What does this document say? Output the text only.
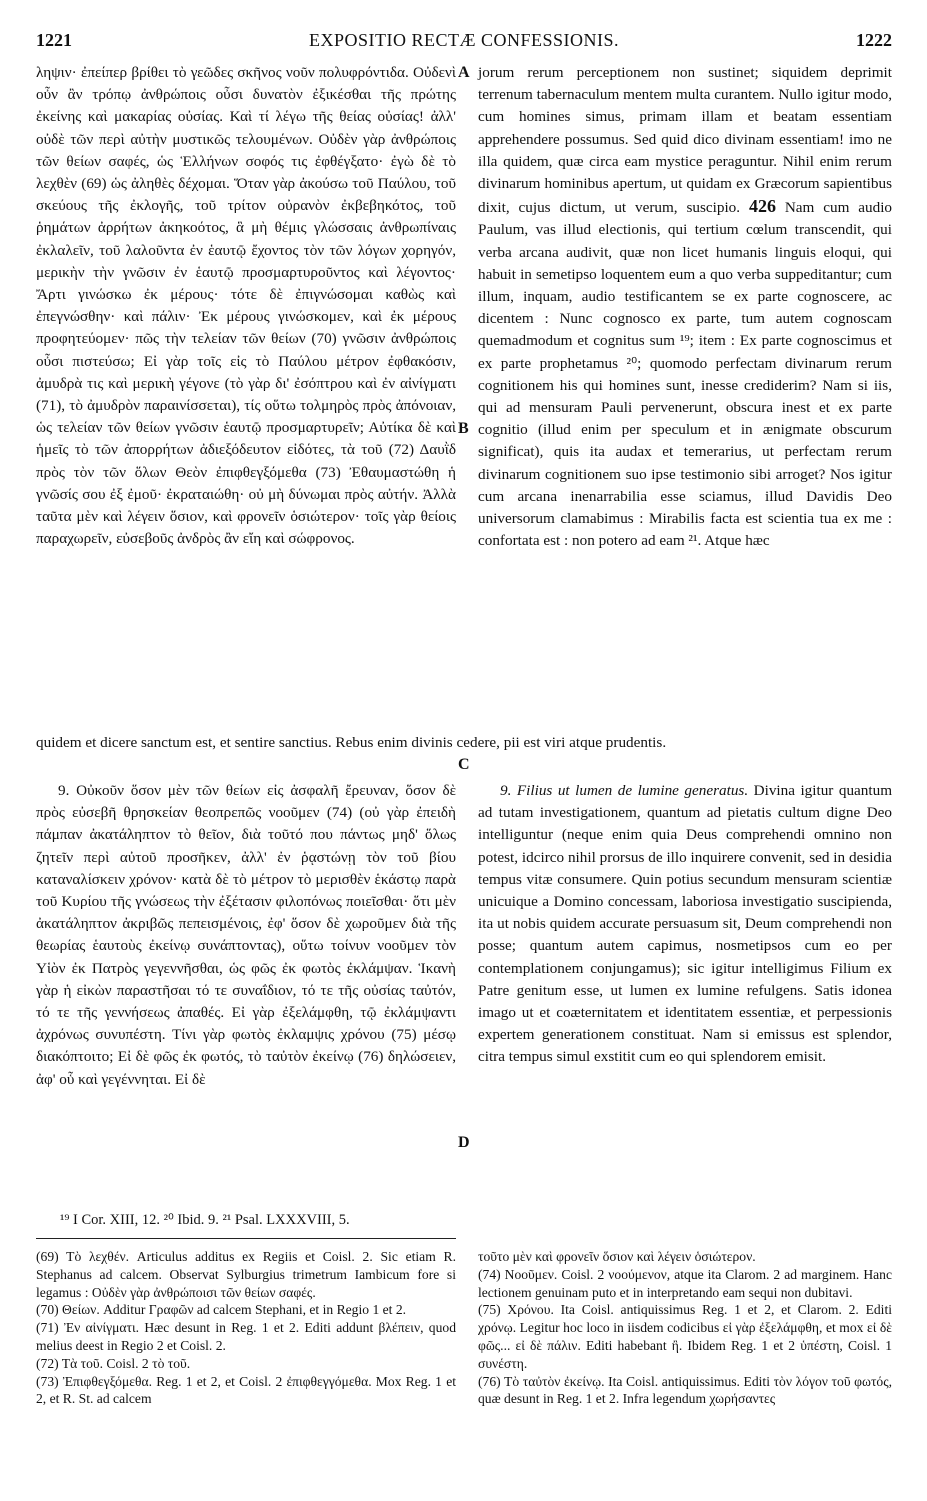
1221	EXPOSITIO RECTÆ CONFESSIONIS.	1222

ληψιν· ἐπείπερ βρίθει τὸ γεῶδες σκῆνος νοῦν πολυφρόντιδα. Οὐδενὶ οὖν ἂν τρόπῳ ἀνθρώποις οὖσι δυνατὸν ἐξικέσθαι τῆς πρώτης ἐκείνης καὶ μακαρίας οὐσίας. Καὶ τί λέγω τῆς θείας οὐσίας! ἀλλ' οὐδὲ τῶν περὶ αὐτὴν μυστικῶς τελουμένων. Οὐδὲν γὰρ ἀνθρώποις τῶν θείων σαφές, ὡς Ἑλλήνων σοφός τις ἐφθέγξατο· ἐγὼ δὲ τὸ λεχθὲν (69) ὡς ἀληθὲς δέχομαι. Ὅταν γὰρ ἀκούσω τοῦ Παύλου, τοῦ σκεύους τῆς ἐκλογῆς, τοῦ τρίτον οὐρανὸν ἐκβεβηκότος, τοῦ ῥημάτων ἀρρήτων ἀκηκοότος, ἃ μὴ θέμις γλώσσαις ἀνθρωπίναις ἐκλαλεῖν, τοῦ λαλοῦντα ἐν ἑαυτῷ ἔχοντος τὸν τῶν λόγων χορηγόν, μερικὴν τὴν γνῶσιν ἐν ἑαυτῷ προσμαρτυροῦντος καὶ λέγοντος· Ἄρτι γινώσκω ἐκ μέρους· τότε δὲ ἐπιγνώσομαι καθὼς καὶ ἐπεγνώσθην· καὶ πάλιν· Ἐκ μέρους γινώσκομεν, καὶ ἐκ μέρους προφητεύομεν· πῶς τὴν τελείαν τῶν θείων (70) γνῶσιν ἀνθρώποις οὖσι πιστεύσω; Εἰ γὰρ τοῖς εἰς τὸ Παύλου μέτρον ἐφθακόσιν, ἀμυδρὰ τις καὶ μερικὴ γέγονε (τὸ γὰρ δι' ἐσόπτρου καὶ ἐν αἰνίγματι (71), τὸ ἀμυδρὸν παραινίσσεται), τίς οὕτω τολμηρὸς πρὸς ἀπόνοιαν, ὡς τελείαν τῶν θείων γνῶσιν ἑαυτῷ προσμαρτυρεῖν; Αὐτίκα δὲ καὶ ἡμεῖς τὸ τῶν ἀπορρήτων ἀδιεξόδευτον εἰδότες, τὰ τοῦ (72) Δαυῒδ πρὸς τὸν τῶν ὅλων Θεὸν ἐπιφθεγξόμεθα (73) Ἐθαυμαστώθη ἡ γνῶσίς σου ἐξ ἐμοῦ· ἐκραταιώθη· οὐ μὴ δύνωμαι πρὸς αὐτήν. Ἀλλὰ ταῦτα μὲν καὶ λέγειν ὅσιον, καὶ φρονεῖν ὁσιώτερον· τοῖς γὰρ θείοις παραχωρεῖν, εὐσεβοῦς ἀνδρὸς ἂν εἴη καὶ σώφρονος.

jorum rerum perceptionem non sustinet; siquidem deprimit terrenum tabernaculum mentem multa curantem. Nullo igitur modo, cum homines simus, primam illam et beatam essentiam apprehendere possumus. Sed quid dico divinam essentiam! imo ne illa quidem, quæ circa eam mystice peraguntur. Nihil enim rerum divinarum hominibus apertum, ut quidam ex Græcorum sapientibus dixit, cujus dictum, ut verum, suscipio. 426 Nam cum audio Paulum, vas illud electionis, qui tertium cœlum transcendit, qui verba arcana audivit, quæ non licet humanis linguis eloqui, qui habuit in semetipso loquentem eum a quo verba suppeditantur; cum illum, inquam, audio testificantem se ex parte cognoscere, ac dicentem : Nunc cognosco ex parte, tum autem cognoscam quemadmodum et cognitus sum ¹⁹; item : Ex parte cognoscimus et ex parte prophetamus ²⁰; quomodo perfectam divinarum rerum cognitionem his qui homines sunt, inesse crediderim? Nam si iis, qui ad mensuram Pauli pervenerunt, obscura inest et ex parte cognitio (illud enim per speculum et in ænigmate obscurum significat), quis ita audax et temerarius, ut perfectam rerum divinarum cognitionem suo ipse testimonio sibi arroget? Nos igitur cum arcana inenarrabilia esse sciamus, illud Davidis Deo universorum clamabimus : Mirabilis facta est scientia tua ex me : confortata est : non potero ad eam ²¹. Atque hæc

A
B
C
D

quidem et dicere sanctum est, et sentire sanctius. Rebus enim divinis cedere, pii est viri atque prudentis.

9. Οὐκοῦν ὅσον μὲν τῶν θείων εἰς ἀσφαλῆ ἔρευναν, ὅσον δὲ πρὸς εὐσεβῆ θρησκείαν θεοπρεπῶς νοοῦμεν (74) (οὐ γὰρ ἐπειδὴ πάμπαν ἀκατάληπτον τὸ θεῖον, διὰ τοῦτό που πάντως μηδ' ὅλως ζητεῖν περὶ αὐτοῦ προσῆκεν, ἀλλ' ἐν ῥᾳστώνῃ τὸν τοῦ βίου καταναλίσκειν χρόνον· κατὰ δὲ τὸ μέτρον τὸ μερισθὲν ἑκάστῳ παρὰ τοῦ Κυρίου τῆς γνώσεως τὴν ἐξέτασιν φιλοπόνως ποιεῖσθαι· ὅτι μὲν ἀκατάληπτον ἀκριβῶς πεπεισμένοις, ἐφ' ὅσον δὲ χωροῦμεν διὰ τῆς θεωρίας ἑαυτοὺς ἐκείνῳ συνάπτοντας), οὕτω τοίνυν νοοῦμεν τὸν Υἱὸν ἐκ Πατρὸς γεγεννῆσθαι, ὡς φῶς ἐκ φωτὸς ἐκλάμψαν. Ἱκανὴ γὰρ ἡ εἰκὼν παραστῆσαι τό τε συναΐδιον, τό τε τῆς οὐσίας ταὐτόν, τό τε τῆς γεννήσεως ἀπαθές. Εἰ γὰρ ἐξελάμφθη, τῷ ἐκλάμψαντι ἀχρόνως συνυπέστη. Τίνι γὰρ φωτὸς ἐκλαμψις χρόνου (75) μέσῳ διακόπτοιτο; Εἰ δὲ φῶς ἐκ φωτός, τὸ ταὐτὸν ἐκείνῳ (76) δηλώσειεν, ἀφ' οὗ καὶ γεγέννηται. Εἰ δὲ

9. Filius ut lumen de lumine generatus. Divina igitur quantum ad tutam investigationem, quantum ad pietatis cultum digne Deo intelliguntur (neque enim quia Deus comprehendi omnino non potest, idcirco nihil prorsus de illo inquirere convenit, sed in desidia tempus vitæ consumere. Quin potius secundum mensuram scientiæ unicuique a Domino concessam, laboriosa investigatio suscipienda, ita ut nobis quidem accurate persuasum sit, Deum comprehendi non posse; quantum autem capimus, nosmetipsos cum eo per contemplationem conjungamus); sic igitur intelligimus Filium ex Patre genitum esse, ut lumen ex lumine refulgens. Satis idonea imago ut et coæternitatem et identitatem essentiæ, et perpessionis expertem generationem constituat. Nam si emissus est splendor, citra tempus simul exstitit cum eo qui splendorem emisit.

¹⁹ I Cor. XIII, 12. ²⁰ Ibid. 9. ²¹ Psal. LXXXVIII, 5.

(69) Τὸ λεχθέν. Articulus additus ex Regiis et Coisl. 2. Sic etiam R. Stephanus ad calcem. Observat Sylburgius trimetrum Iambicum fore si legamus : Οὐδὲν γὰρ ἀνθρώποισι τῶν θείων σαφές.

(70) Θείων. Additur Γραφῶν ad calcem Stephani, et in Regio 1 et 2.

(71) Ἐν αἰνίγματι. Hæc desunt in Reg. 1 et 2. Editi addunt βλέπειν, quod melius deest in Regio 2 et Coisl. 2.

(72) Τὰ τοῦ. Coisl. 2 τὸ τοῦ.

(73) Ἐπιφθεγξόμεθα. Reg. 1 et 2, et Coisl. 2 ἐπιφθεγγόμεθα. Mox Reg. 1 et 2, et R. St. ad calcem

τοῦτο μὲν καὶ φρονεῖν ὅσιον καὶ λέγειν ὁσιώτερον.

(74) Νοοῦμεν. Coisl. 2 νοούμενον, atque ita Clarom. 2 ad marginem. Hanc lectionem genuinam puto et in interpretando eam sequi non dubitavi.

(75) Χρόνου. Ita Coisl. antiquissimus Reg. 1 et 2, et Clarom. 2. Editi χρόνῳ. Legitur hoc loco in iisdem codicibus εἰ γὰρ ἐξελάμφθη, et mox εἰ δὲ φῶς... εἰ δὲ πάλιν. Editi habebant ἢ. Ibidem Reg. 1 et 2 ὑπέστη, Coisl. 1 συνέστη.

(76) Τὸ ταὐτὸν ἐκείνῳ. Ita Coisl. antiquissimus. Editi τὸν λόγον τοῦ φωτός, quæ desunt in Reg. 1 et 2. Infra legendum χωρήσαντες
